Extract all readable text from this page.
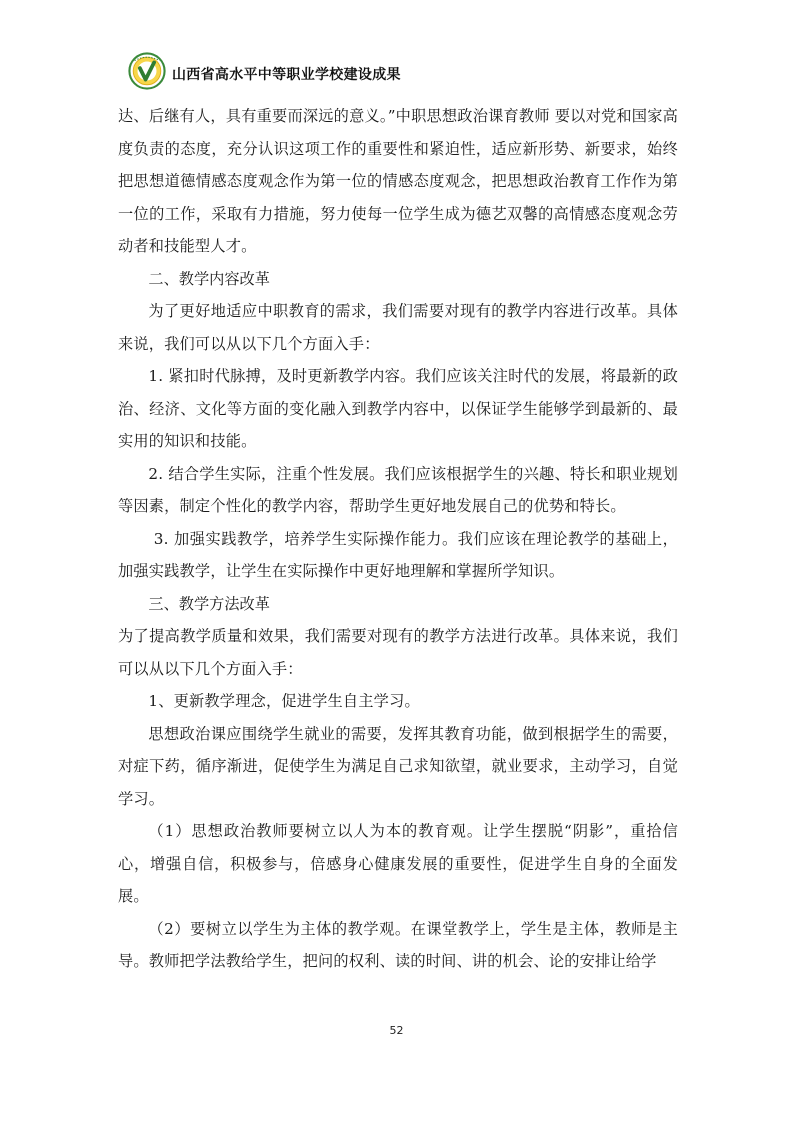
山西省高水平中等职业学校建设成果

达、后继有人，具有重要而深远的意义。”中职思想政治课育教师 要以对党和国家高度负责的态度，充分认识这项工作的重要性和紧迫性，适应新形势、新要求，始终把思想道德情感态度观念作为第一位的情感态度观念，把思想政治教育工作作为第一位的工作，采取有力措施，努力使每一位学生成为德艺双馨的高情感态度观念劳动者和技能型人才。

二、教学内容改革

为了更好地适应中职教育的需求，我们需要对现有的教学内容进行改革。具体来说，我们可以从以下几个方面入手：

1. 紧扣时代脉搏，及时更新教学内容。我们应该关注时代的发展，将最新的政治、经济、文化等方面的变化融入到教学内容中，以保证学生能够学到最新的、最实用的知识和技能。

2. 结合学生实际，注重个性发展。我们应该根据学生的兴趣、特长和职业规划等因素，制定个性化的教学内容，帮助学生更好地发展自己的优势和特长。

3. 加强实践教学，培养学生实际操作能力。我们应该在理论教学的基础上，加强实践教学，让学生在实际操作中更好地理解和掌握所学知识。

三、教学方法改革

为了提高教学质量和效果，我们需要对现有的教学方法进行改革。具体来说，我们可以从以下几个方面入手：

1、更新教学理念，促进学生自主学习。

思想政治课应围绕学生就业的需要，发挥其教育功能，做到根据学生的需要，对症下药，循序渐进，促使学生为满足自己求知欲望，就业要求，主动学习，自觉学习。

（1）思想政治教师要树立以人为本的教育观。让学生摆脱“阴影”，重拾信心，增强自信，积极参与，倍感身心健康发展的重要性，促进学生自身的全面发展。

（2）要树立以学生为主体的教学观。在课堂教学上，学生是主体，教师是主导。教师把学法教给学生，把问的权利、读的时间、讲的机会、论的安排让给学

52
